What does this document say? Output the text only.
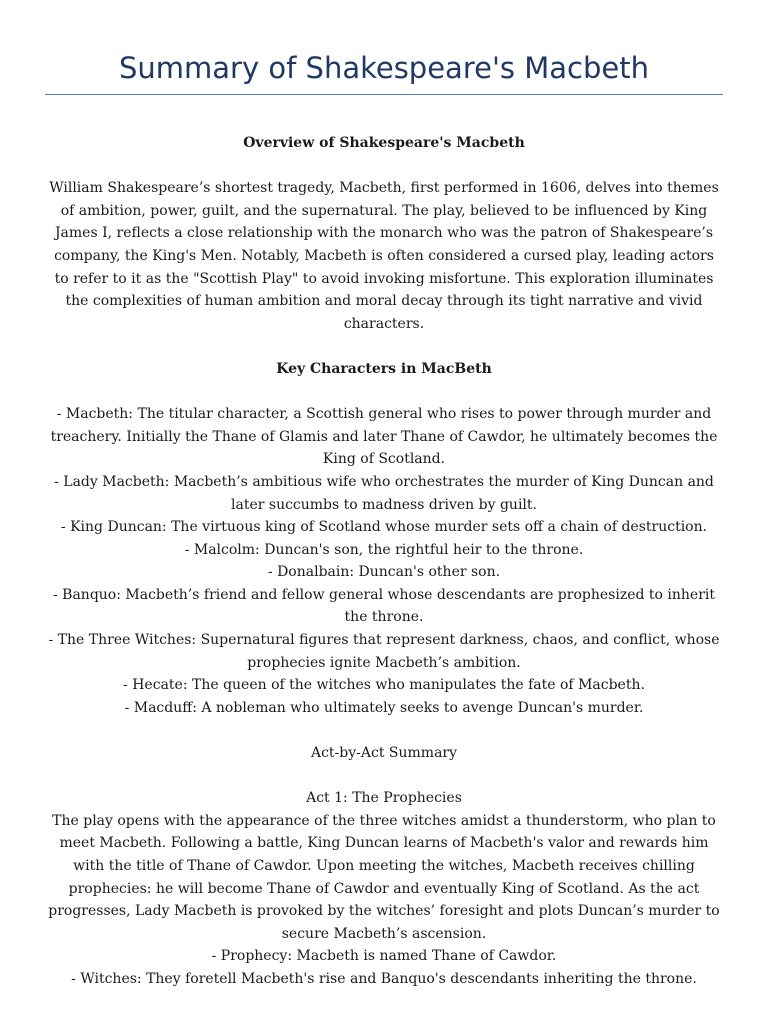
Summary of Shakespeare's Macbeth

Overview of Shakespeare's Macbeth

William Shakespeare’s shortest tragedy, Macbeth, first performed in 1606, delves into themes of ambition, power, guilt, and the supernatural. The play, believed to be influenced by King James I, reflects a close relationship with the monarch who was the patron of Shakespeare’s company, the King's Men. Notably, Macbeth is often considered a cursed play, leading actors to refer to it as the "Scottish Play" to avoid invoking misfortune. This exploration illuminates the complexities of human ambition and moral decay through its tight narrative and vivid characters.

Key Characters in MacBeth

- Macbeth: The titular character, a Scottish general who rises to power through murder and treachery. Initially the Thane of Glamis and later Thane of Cawdor, he ultimately becomes the King of Scotland.

- Lady Macbeth: Macbeth’s ambitious wife who orchestrates the murder of King Duncan and later succumbs to madness driven by guilt.

- King Duncan: The virtuous king of Scotland whose murder sets off a chain of destruction.

- Malcolm: Duncan's son, the rightful heir to the throne.

- Donalbain: Duncan's other son.

- Banquo: Macbeth’s friend and fellow general whose descendants are prophesized to inherit the throne.

- The Three Witches: Supernatural figures that represent darkness, chaos, and conflict, whose prophecies ignite Macbeth’s ambition.

- Hecate: The queen of the witches who manipulates the fate of Macbeth.

- Macduff: A nobleman who ultimately seeks to avenge Duncan's murder.

Act-by-Act Summary

Act 1: The Prophecies

The play opens with the appearance of the three witches amidst a thunderstorm, who plan to meet Macbeth. Following a battle, King Duncan learns of Macbeth's valor and rewards him with the title of Thane of Cawdor. Upon meeting the witches, Macbeth receives chilling prophecies: he will become Thane of Cawdor and eventually King of Scotland. As the act progresses, Lady Macbeth is provoked by the witches’ foresight and plots Duncan’s murder to secure Macbeth’s ascension.

- Prophecy: Macbeth is named Thane of Cawdor.

- Witches: They foretell Macbeth's rise and Banquo's descendants inheriting the throne.
